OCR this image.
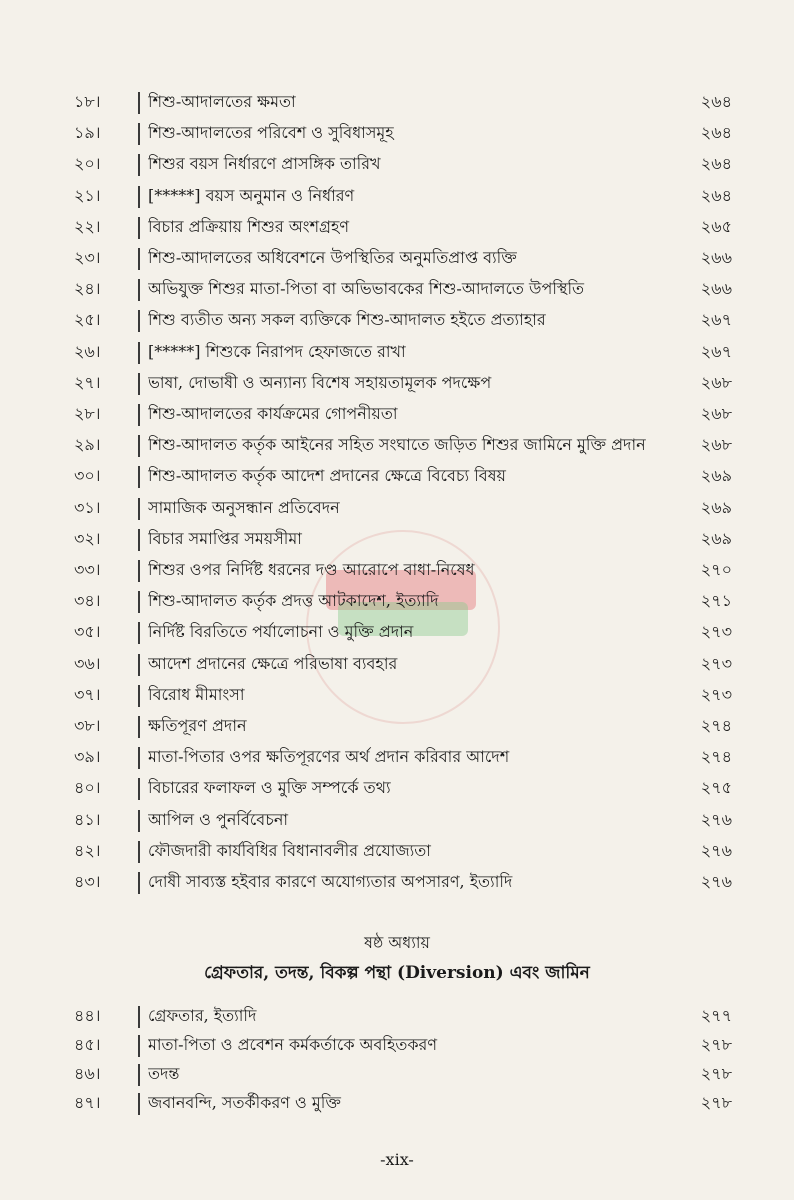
১৮।	শিশু-আদালতের ক্ষমতা	২৬৪
১৯।	শিশু-আদালতের পরিবেশ ও সুবিধাসমূহ	২৬৪
২০।	শিশুর বয়স নির্ধারণে প্রাসঙ্গিক তারিখ	২৬৪
২১।	[*****] বয়স অনুমান ও নির্ধারণ	২৬৪
২২।	বিচার প্রক্রিয়ায় শিশুর অংশগ্রহণ	২৬৫
২৩।	শিশু-আদালতের অধিবেশনে উপস্থিতির অনুমতিপ্রাপ্ত ব্যক্তি	২৬৬
২৪।	অভিযুক্ত শিশুর মাতা-পিতা বা অভিভাবকের শিশু-আদালতে উপস্থিতি	২৬৬
২৫।	শিশু ব্যতীত অন্য সকল ব্যক্তিকে শিশু-আদালত হইতে প্রত্যাহার	২৬৭
২৬।	[*****] শিশুকে নিরাপদ হেফাজতে রাখা	২৬৭
২৭।	ভাষা, দোভাষী ও অন্যান্য বিশেষ সহায়তামূলক পদক্ষেপ	২৬৮
২৮।	শিশু-আদালতের কার্যক্রমের গোপনীয়তা	২৬৮
২৯।	শিশু-আদালত কর্তৃক আইনের সহিত সংঘাতে জড়িত শিশুর জামিনে মুক্তি প্রদান	২৬৮
৩০।	শিশু-আদালত কর্তৃক আদেশ প্রদানের ক্ষেত্রে বিবেচ্য বিষয়	২৬৯
৩১।	সামাজিক অনুসন্ধান প্রতিবেদন	২৬৯
৩২।	বিচার সমাপ্তির সময়সীমা	২৬৯
৩৩।	শিশুর ওপর নির্দিষ্ট ধরনের দণ্ড আরোপে বাধা-নিষেধ	২৭০
৩৪।	শিশু-আদালত কর্তৃক প্রদত্ত আটকাদেশ, ইত্যাদি	২৭১
৩৫।	নির্দিষ্ট বিরতিতে পর্যালোচনা ও মুক্তি প্রদান	২৭৩
৩৬।	আদেশ প্রদানের ক্ষেত্রে পরিভাষা ব্যবহার	২৭৩
৩৭।	বিরোধ মীমাংসা	২৭৩
৩৮।	ক্ষতিপূরণ প্রদান	২৭৪
৩৯।	মাতা-পিতার ওপর ক্ষতিপূরণের অর্থ প্রদান করিবার আদেশ	২৭৪
৪০।	বিচারের ফলাফল ও মুক্তি সম্পর্কে তথ্য	২৭৫
৪১।	আপিল ও পুনর্বিবেচনা	২৭৬
৪২।	ফৌজদারী কার্যবিধির বিধানাবলীর প্রযোজ্যতা	২৭৬
৪৩।	দোষী সাব্যস্ত হইবার কারণে অযোগ্যতার অপসারণ, ইত্যাদি	২৭৬
ষষ্ঠ অধ্যায়
গ্রেফতার, তদন্ত, বিকল্প পন্থা (Diversion) এবং জামিন
৪৪।	গ্রেফতার, ইত্যাদি	২৭৭
৪৫।	মাতা-পিতা ও প্রবেশন কর্মকর্তাকে অবহিতকরণ	২৭৮
৪৬।	তদন্ত	২৭৮
৪৭।	জবানবন্দি, সতর্কীকরণ ও মুক্তি	২৭৮
-xix-
